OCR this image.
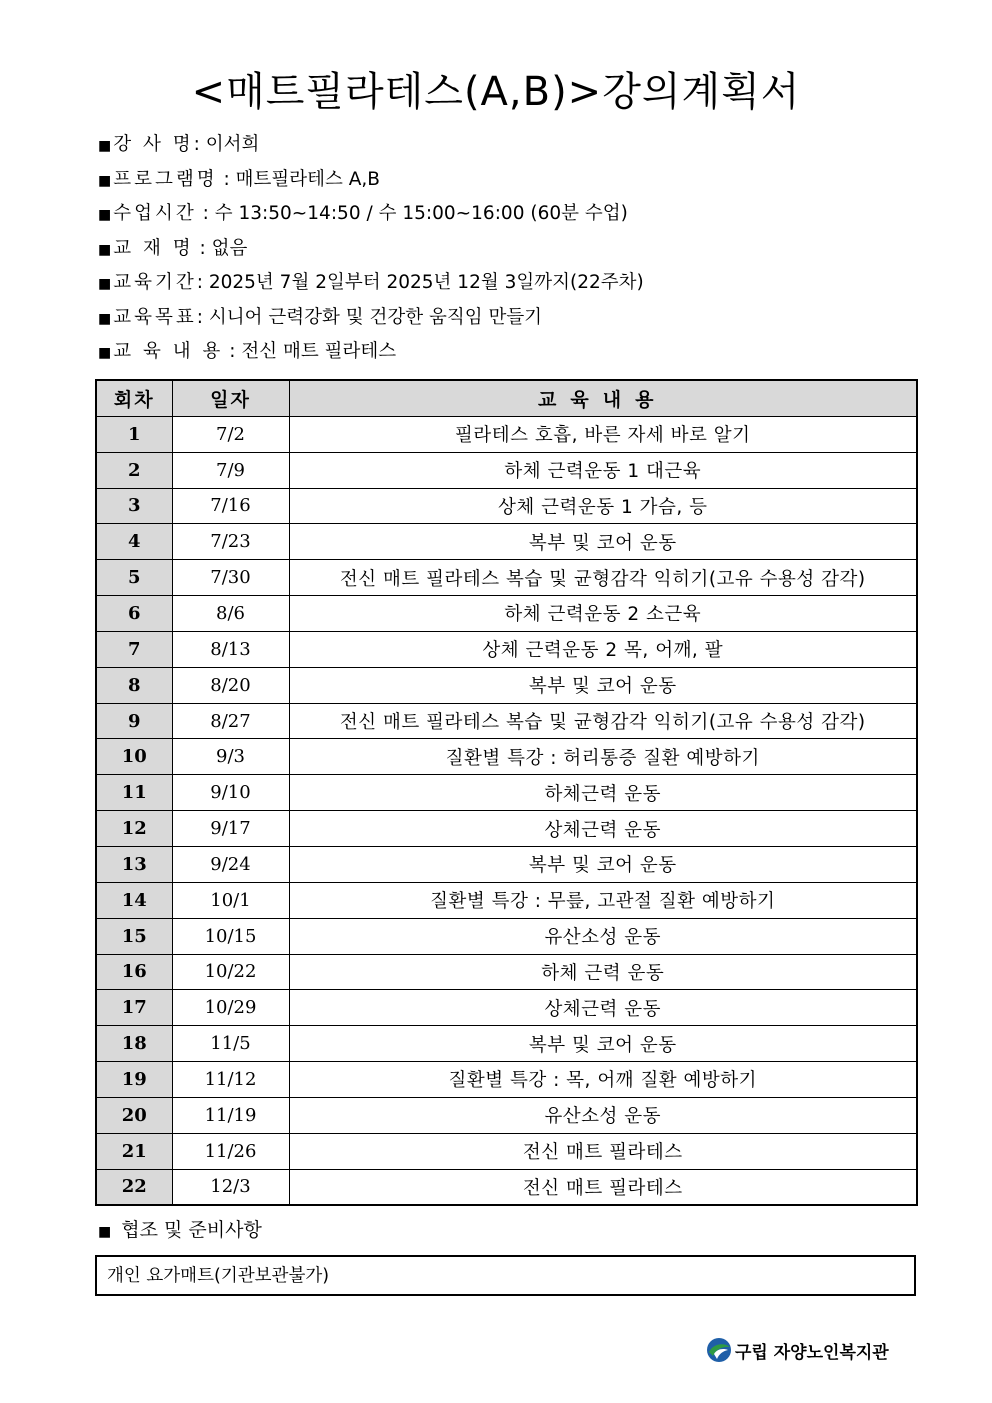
<매트필라테스(A,B)>강의계획서
■ 강 사 명: 이서희
■ 프로그램명 : 매트필라테스 A,B
■ 수업시간 : 수 13:50~14:50 / 수 15:00~16:00 (60분 수업)
■ 교 재 명 : 없음
■ 교육기간: 2025년 7월 2일부터 2025년 12월 3일까지(22주차)
■ 교육목표: 시니어 근력강화 및 건강한 움직임 만들기
■ 교 육 내 용 : 전신 매트 필라테스
회차	일자	교육내용
1	7/2	필라테스 호흡, 바른 자세 바로 알기
2	7/9	하체 근력운동 1 대근육
3	7/16	상체 근력운동 1 가슴, 등
4	7/23	복부 및 코어 운동
5	7/30	전신 매트 필라테스 복습 및 균형감각 익히기(고유 수용성 감각)
6	8/6	하체 근력운동 2 소근육
7	8/13	상체 근력운동 2 목, 어깨, 팔
8	8/20	복부 및 코어 운동
9	8/27	전신 매트 필라테스 복습 및 균형감각 익히기(고유 수용성 감각)
10	9/3	질환별 특강 : 허리통증 질환 예방하기
11	9/10	하체근력 운동
12	9/17	상체근력 운동
13	9/24	복부 및 코어 운동
14	10/1	질환별 특강 : 무릎, 고관절 질환 예방하기
15	10/15	유산소성 운동
16	10/22	하체 근력 운동
17	10/29	상체근력 운동
18	11/5	복부 및 코어 운동
19	11/12	질환별 특강 : 목, 어깨 질환 예방하기
20	11/19	유산소성 운동
21	11/26	전신 매트 필라테스
22	12/3	전신 매트 필라테스
■ 협조 및 준비사항
개인 요가매트(기관보관불가)
구립 자양노인복지관
